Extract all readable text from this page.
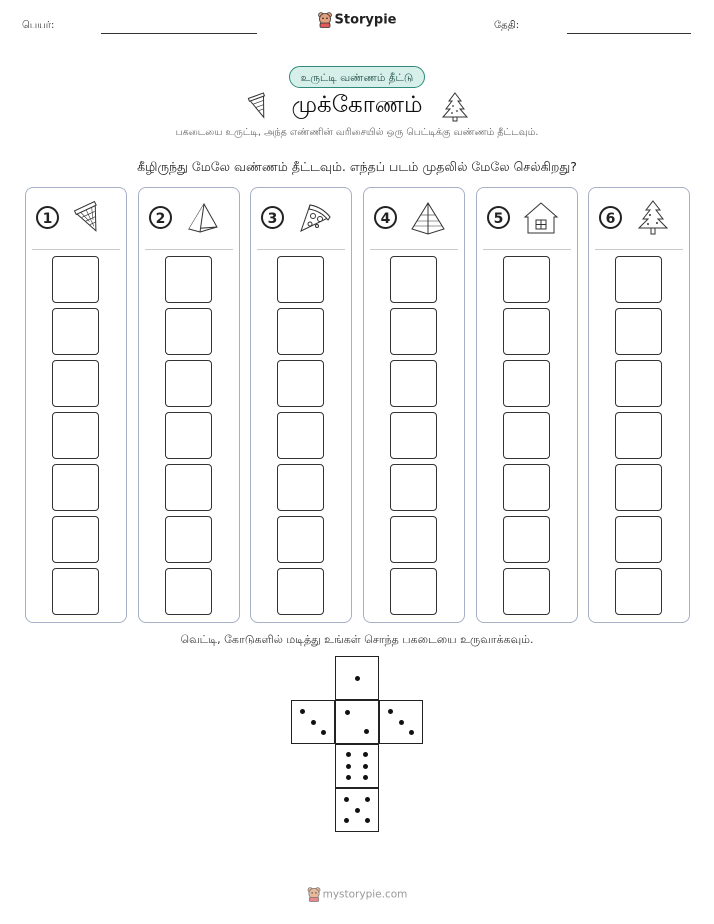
பெயர்:	Storypie	தேதி:
உருட்டி வண்ணம் தீட்டு
முக்கோணம்
பகடையை உருட்டி, அந்த எண்ணின் வரிசையில் ஒரு பெட்டிக்கு வண்ணம் தீட்டவும்.
கீழிருந்து மேலே வண்ணம் தீட்டவும். எந்தப் படம் முதலில் மேலே செல்கிறது?
1	2	3	4	5	6
வெட்டி, கோடுகளில் மடித்து உங்கள் சொந்த பகடையை உருவாக்கவும்.
mystorypie.com
